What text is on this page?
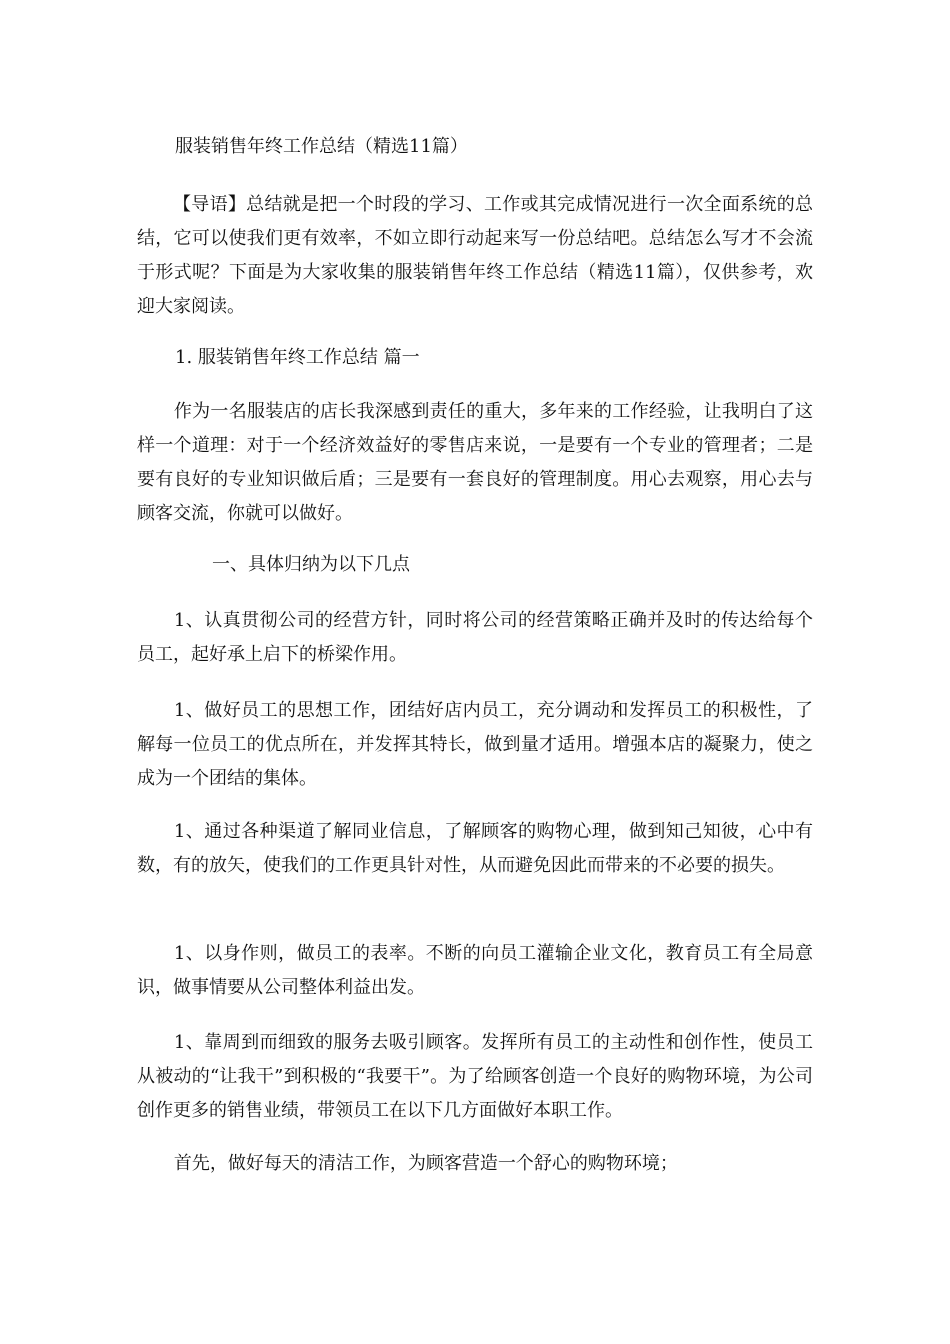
服装销售年终工作总结（精选11篇）

【导语】总结就是把一个时段的学习、工作或其完成情况进行一次全面系统的总结，它可以使我们更有效率，不如立即行动起来写一份总结吧。总结怎么写才不会流于形式呢？下面是为大家收集的服装销售年终工作总结（精选11篇），仅供参考，欢迎大家阅读。

1. 服装销售年终工作总结 篇一

作为一名服装店的店长我深感到责任的重大，多年来的工作经验，让我明白了这样一个道理：对于一个经济效益好的零售店来说，一是要有一个专业的管理者；二是要有良好的专业知识做后盾；三是要有一套良好的管理制度。用心去观察，用心去与顾客交流，你就可以做好。

一、具体归纳为以下几点

1、认真贯彻公司的经营方针，同时将公司的经营策略正确并及时的传达给每个员工，起好承上启下的桥梁作用。

1、做好员工的思想工作，团结好店内员工，充分调动和发挥员工的积极性，了解每一位员工的优点所在，并发挥其特长，做到量才适用。增强本店的凝聚力，使之成为一个团结的集体。

1、通过各种渠道了解同业信息，了解顾客的购物心理，做到知己知彼，心中有数，有的放矢，使我们的工作更具针对性，从而避免因此而带来的不必要的损失。

1、以身作则，做员工的表率。不断的向员工灌输企业文化，教育员工有全局意识，做事情要从公司整体利益出发。

1、靠周到而细致的服务去吸引顾客。发挥所有员工的主动性和创作性，使员工从被动的“让我干”到积极的“我要干”。为了给顾客创造一个良好的购物环境，为公司创作更多的销售业绩，带领员工在以下几方面做好本职工作。

首先，做好每天的清洁工作，为顾客营造一个舒心的购物环境；
